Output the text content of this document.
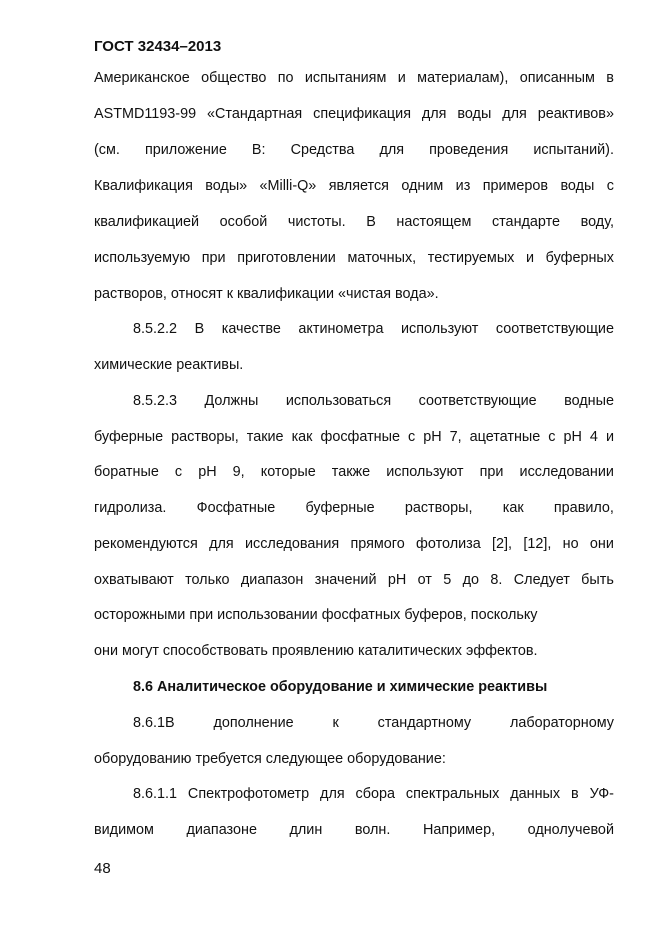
ГОСТ 32434–2013
Американское общество по испытаниям и материалам), описанным в
ASTMD1193-99 «Стандартная спецификация для воды для реактивов»
(см. приложение В: Средства для проведения испытаний).
Квалификация воды» «Milli-Q» является одним из примеров воды с
квалификацией особой чистоты. В настоящем стандарте воду,
используемую при приготовлении маточных, тестируемых и буферных
растворов, относят к квалификации «чистая вода».
8.5.2.2 В качестве актинометра используют соответствующие
химические реактивы.
8.5.2.3 Должны использоваться соответствующие водные
буферные растворы, такие как фосфатные с pH 7, ацетатные с pH 4 и
боратные с pH 9, которые также используют при исследовании
гидролиза. Фосфатные буферные растворы, как правило,
рекомендуются для исследования прямого фотолиза [2], [12], но они
охватывают только диапазон значений pH от 5 до 8. Следует быть
осторожными при использовании фосфатных буферов, поскольку
они могут способствовать проявлению каталитических эффектов.
8.6 Аналитическое оборудование и химические реактивы
8.6.1В	дополнение	к	стандартному	лабораторному
оборудованию требуется следующее оборудование:
8.6.1.1 Спектрофотометр для сбора спектральных данных в УФ-
видимом диапазоне длин волн. Например, однолучевой
48
